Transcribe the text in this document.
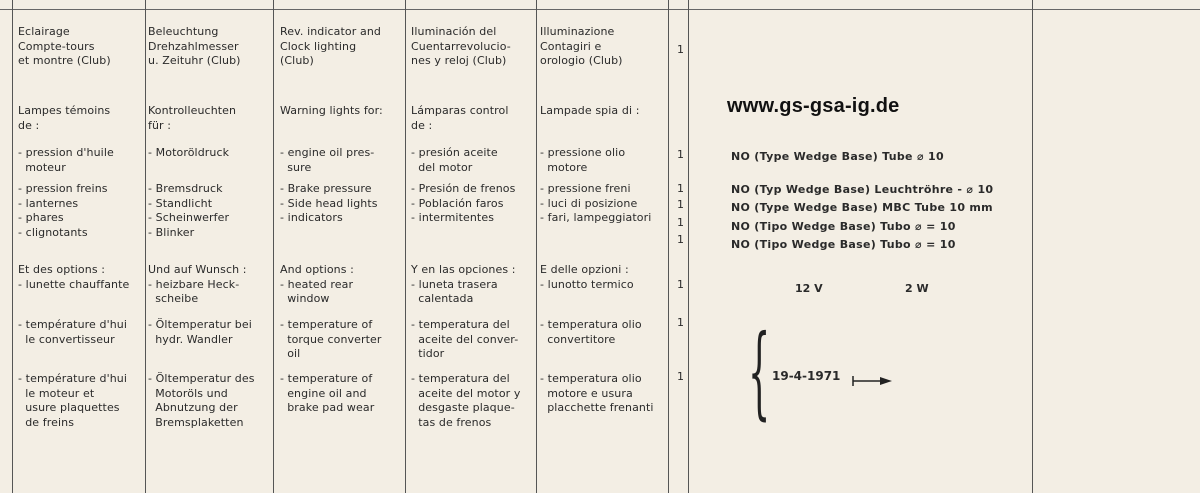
Eclairage
Compte-tours
et montre (Club)
Lampes témoins
de :
- pression d'huile
moteur
- pression freins
- lanternes
- phares
- clignotants
Et des options :
- lunette chauffante
- température d'hui
le convertisseur
- température d'hui
le moteur et
usure plaquettes
de freins
Beleuchtung
Drehzahlmesser
u. Zeituhr (Club)
Kontrolleuchten
für :
- Motoröldruck
- Bremsdruck
- Standlicht
- Scheinwerfer
- Blinker
Und auf Wunsch :
- heizbare Heck-
scheibe
- Öltemperatur bei
hydr. Wandler
- Öltemperatur des
Motoröls und
Abnutzung der
Bremsplaketten
Rev. indicator and
Clock lighting
(Club)
Warning lights for:
- engine oil pres-
sure
- Brake pressure
- Side head lights
- indicators
And options :
- heated rear
window
- temperature of
torque converter
oil
- temperature of
engine oil and
brake pad wear
Iluminación del
Cuentarrevolucio-
nes y reloj (Club)
Lámparas control
de :
- presión aceite
del motor
- Presión de frenos
- Población faros
- intermitentes
Y en las opciones :
- luneta trasera
calentada
- temperatura del
aceite del conver-
tidor
- temperatura del
aceite del motor y
desgaste plaque-
tas de frenos
Illuminazione
Contagiri e
orologio (Club)
Lampade spia di :
- pressione olio
motore
- pressione freni
- luci di posizione
- fari, lampeggiatori
E delle opzioni :
- lunotto termico
- temperatura olio
convertitore
- temperatura olio
motore e usura
placchette frenanti
1
1
1
1
1
1
1
1
1
www.gs-gsa-ig.de
NO (Type Wedge Base) Tube ⌀ 10
NO (Typ Wedge Base) Leuchtröhre - ⌀ 10
NO (Type Wedge Base) MBC Tube 10 mm
NO (Tipo Wedge Base) Tubo ⌀ = 10
NO (Tipo Wedge Base) Tubo ⌀ = 10
12 V	2 W
{ 19-4-1971
